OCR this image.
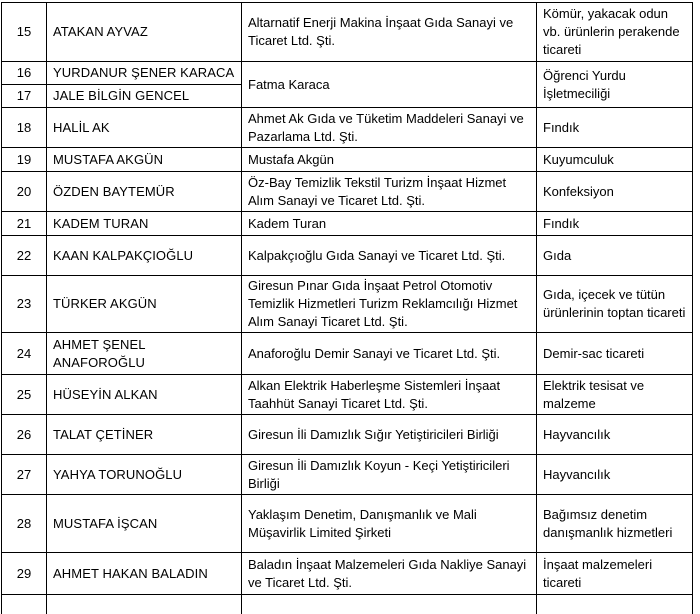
15	ATAKAN AYVAZ	Altarnatif Enerji Makina İnşaat Gıda Sanayi ve Ticaret Ltd. Şti.	Kömür, yakacak odun vb. ürünlerin perakende ticareti
16	YURDANUR ŞENER KARACA	Fatma Karaca	Öğrenci Yurdu İşletmeciliği
17	JALE BİLGİN GENCEL		
18	HALİL AK	Ahmet Ak Gıda ve Tüketim Maddeleri Sanayi ve Pazarlama Ltd. Şti.	Fındık
19	MUSTAFA AKGÜN	Mustafa Akgün	Kuyumculuk
20	ÖZDEN BAYTEMÜR	Öz-Bay Temizlik Tekstil Turizm İnşaat Hizmet Alım Sanayi ve Ticaret Ltd. Şti.	Konfeksiyon
21	KADEM TURAN	Kadem Turan	Fındık
22	KAAN KALPAKÇIOĞLU	Kalpakçıoğlu Gıda Sanayi ve Ticaret Ltd. Şti.	Gıda
23	TÜRKER AKGÜN	Giresun Pınar Gıda İnşaat Petrol Otomotiv Temizlik Hizmetleri Turizm Reklamcılığı Hizmet Alım Sanayi Ticaret Ltd. Şti.	Gıda, içecek ve tütün ürünlerinin toptan ticareti
24	AHMET ŞENEL ANAFOROĞLU	Anaforoğlu Demir Sanayi ve Ticaret Ltd. Şti.	Demir-sac ticareti
25	HÜSEYİN ALKAN	Alkan Elektrik Haberleşme Sistemleri İnşaat Taahhüt Sanayi Ticaret Ltd. Şti.	Elektrik tesisat ve malzeme
26	TALAT ÇETİNER	Giresun İli Damızlık Sığır Yetiştiricileri Birliği	Hayvancılık
27	YAHYA TORUNOĞLU	Giresun İli Damızlık Koyun - Keçi Yetiştiricileri Birliği	Hayvancılık
28	MUSTAFA İŞCAN	Yaklaşım Denetim, Danışmanlık ve Mali Müşavirlik Limited Şirketi	Bağımsız denetim danışmanlık hizmetleri
29	AHMET HAKAN BALADIN	Baladın İnşaat Malzemeleri Gıda Nakliye Sanayi ve Ticaret Ltd. Şti.	İnşaat malzemeleri ticareti
